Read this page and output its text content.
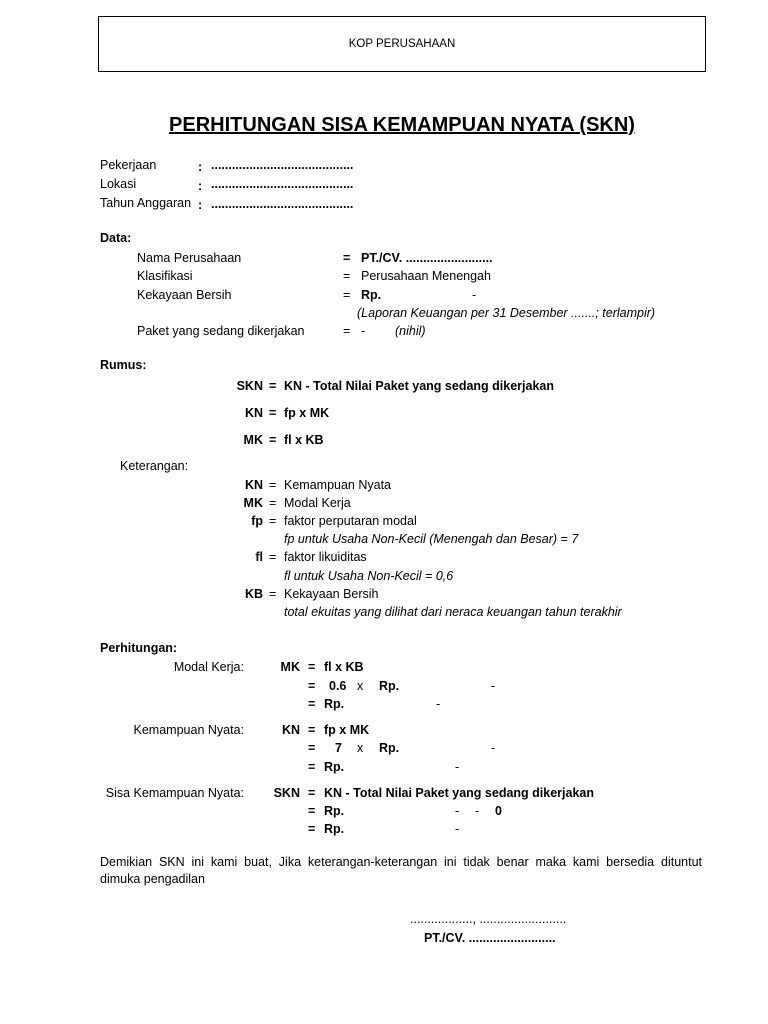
KOP PERUSAHAAN
PERHITUNGAN SISA KEMAMPUAN NYATA (SKN)
Pekerjaan	: .........................................
Lokasi	: .........................................
Tahun Anggaran : .........................................
Data:
Nama Perusahaan	= PT./CV. .........................
Klasifikasi	= Perusahaan Menengah
Kekayaan Bersih	= Rp.	-
(Laporan Keuangan per 31 Desember .......; terlampir)
Paket yang sedang dikerjakan	= - (nihil)
Rumus:
SKN = KN - Total Nilai Paket yang sedang dikerjakan
KN = fp x MK
MK = fl x KB
Keterangan:
KN = Kemampuan Nyata
MK = Modal Kerja
fp = faktor perputaran modal
fp untuk Usaha Non-Kecil (Menengah dan Besar) = 7
fl = faktor likuiditas
fl untuk Usaha Non-Kecil = 0,6
KB = Kekayaan Bersih
total ekuitas yang dilihat dari neraca keuangan tahun terakhir
Perhitungan:
Modal Kerja:	MK = fl x KB
= 0.6 x Rp.	-
= Rp.	-
Kemampuan Nyata:	KN = fp x MK
= 7 x Rp.	-
= Rp.	-
Sisa Kemampuan Nyata: SKN = KN - Total Nilai Paket yang sedang dikerjakan
= Rp.	- - 0
= Rp.	-
Demikian SKN ini kami buat, Jika keterangan-keterangan ini tidak benar maka kami bersedia dituntut
dimuka pengadilan
.................., .........................
PT./CV. .........................
